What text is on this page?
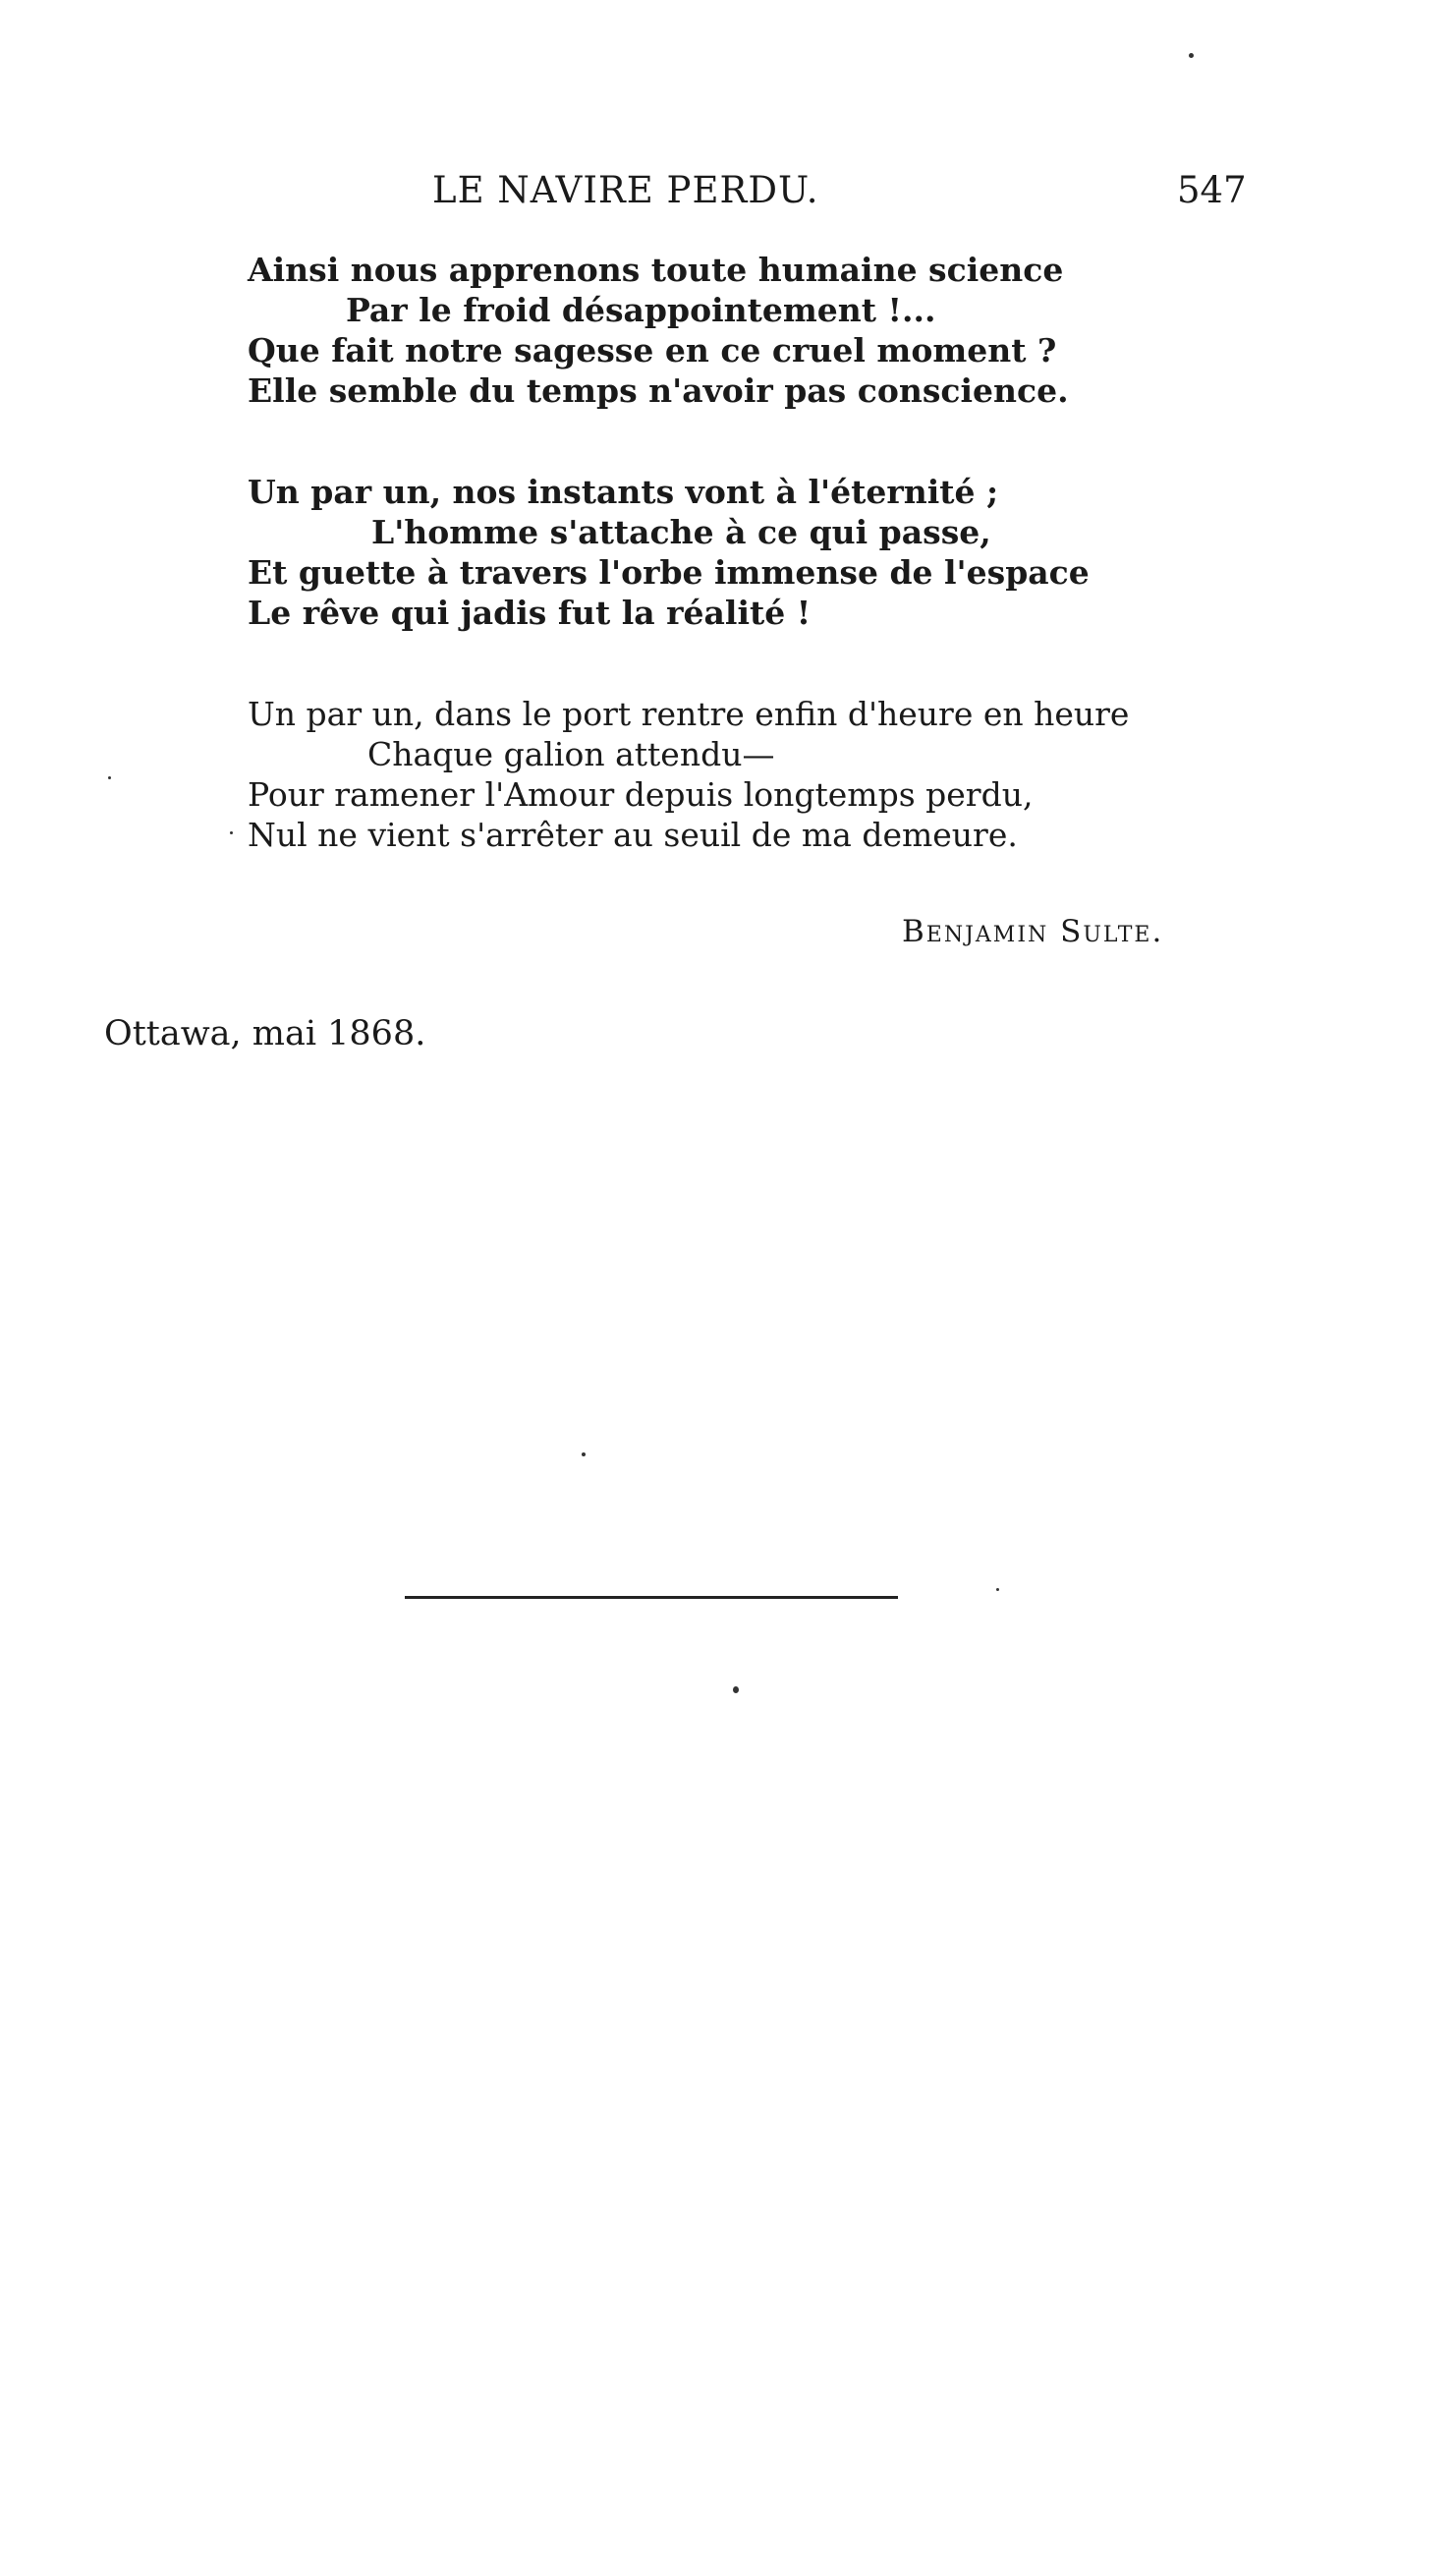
LE NAVIRE PERDU.	547
Ainsi nous apprenons toute humaine science
Par le froid désappointement !...
Que fait notre sagesse en ce cruel moment ?
Elle semble du temps n'avoir pas conscience.
Un par un, nos instants vont à l'éternité ;
L'homme s'attache à ce qui passe,
Et guette à travers l'orbe immense de l'espace
Le rêve qui jadis fut la réalité !
Un par un, dans le port rentre enfin d'heure en heure
Chaque galion attendu—
Pour ramener l'Amour depuis longtemps perdu,
Nul ne vient s'arrêter au seuil de ma demeure.
Benjamin Sulte.
Ottawa, mai 1868.
